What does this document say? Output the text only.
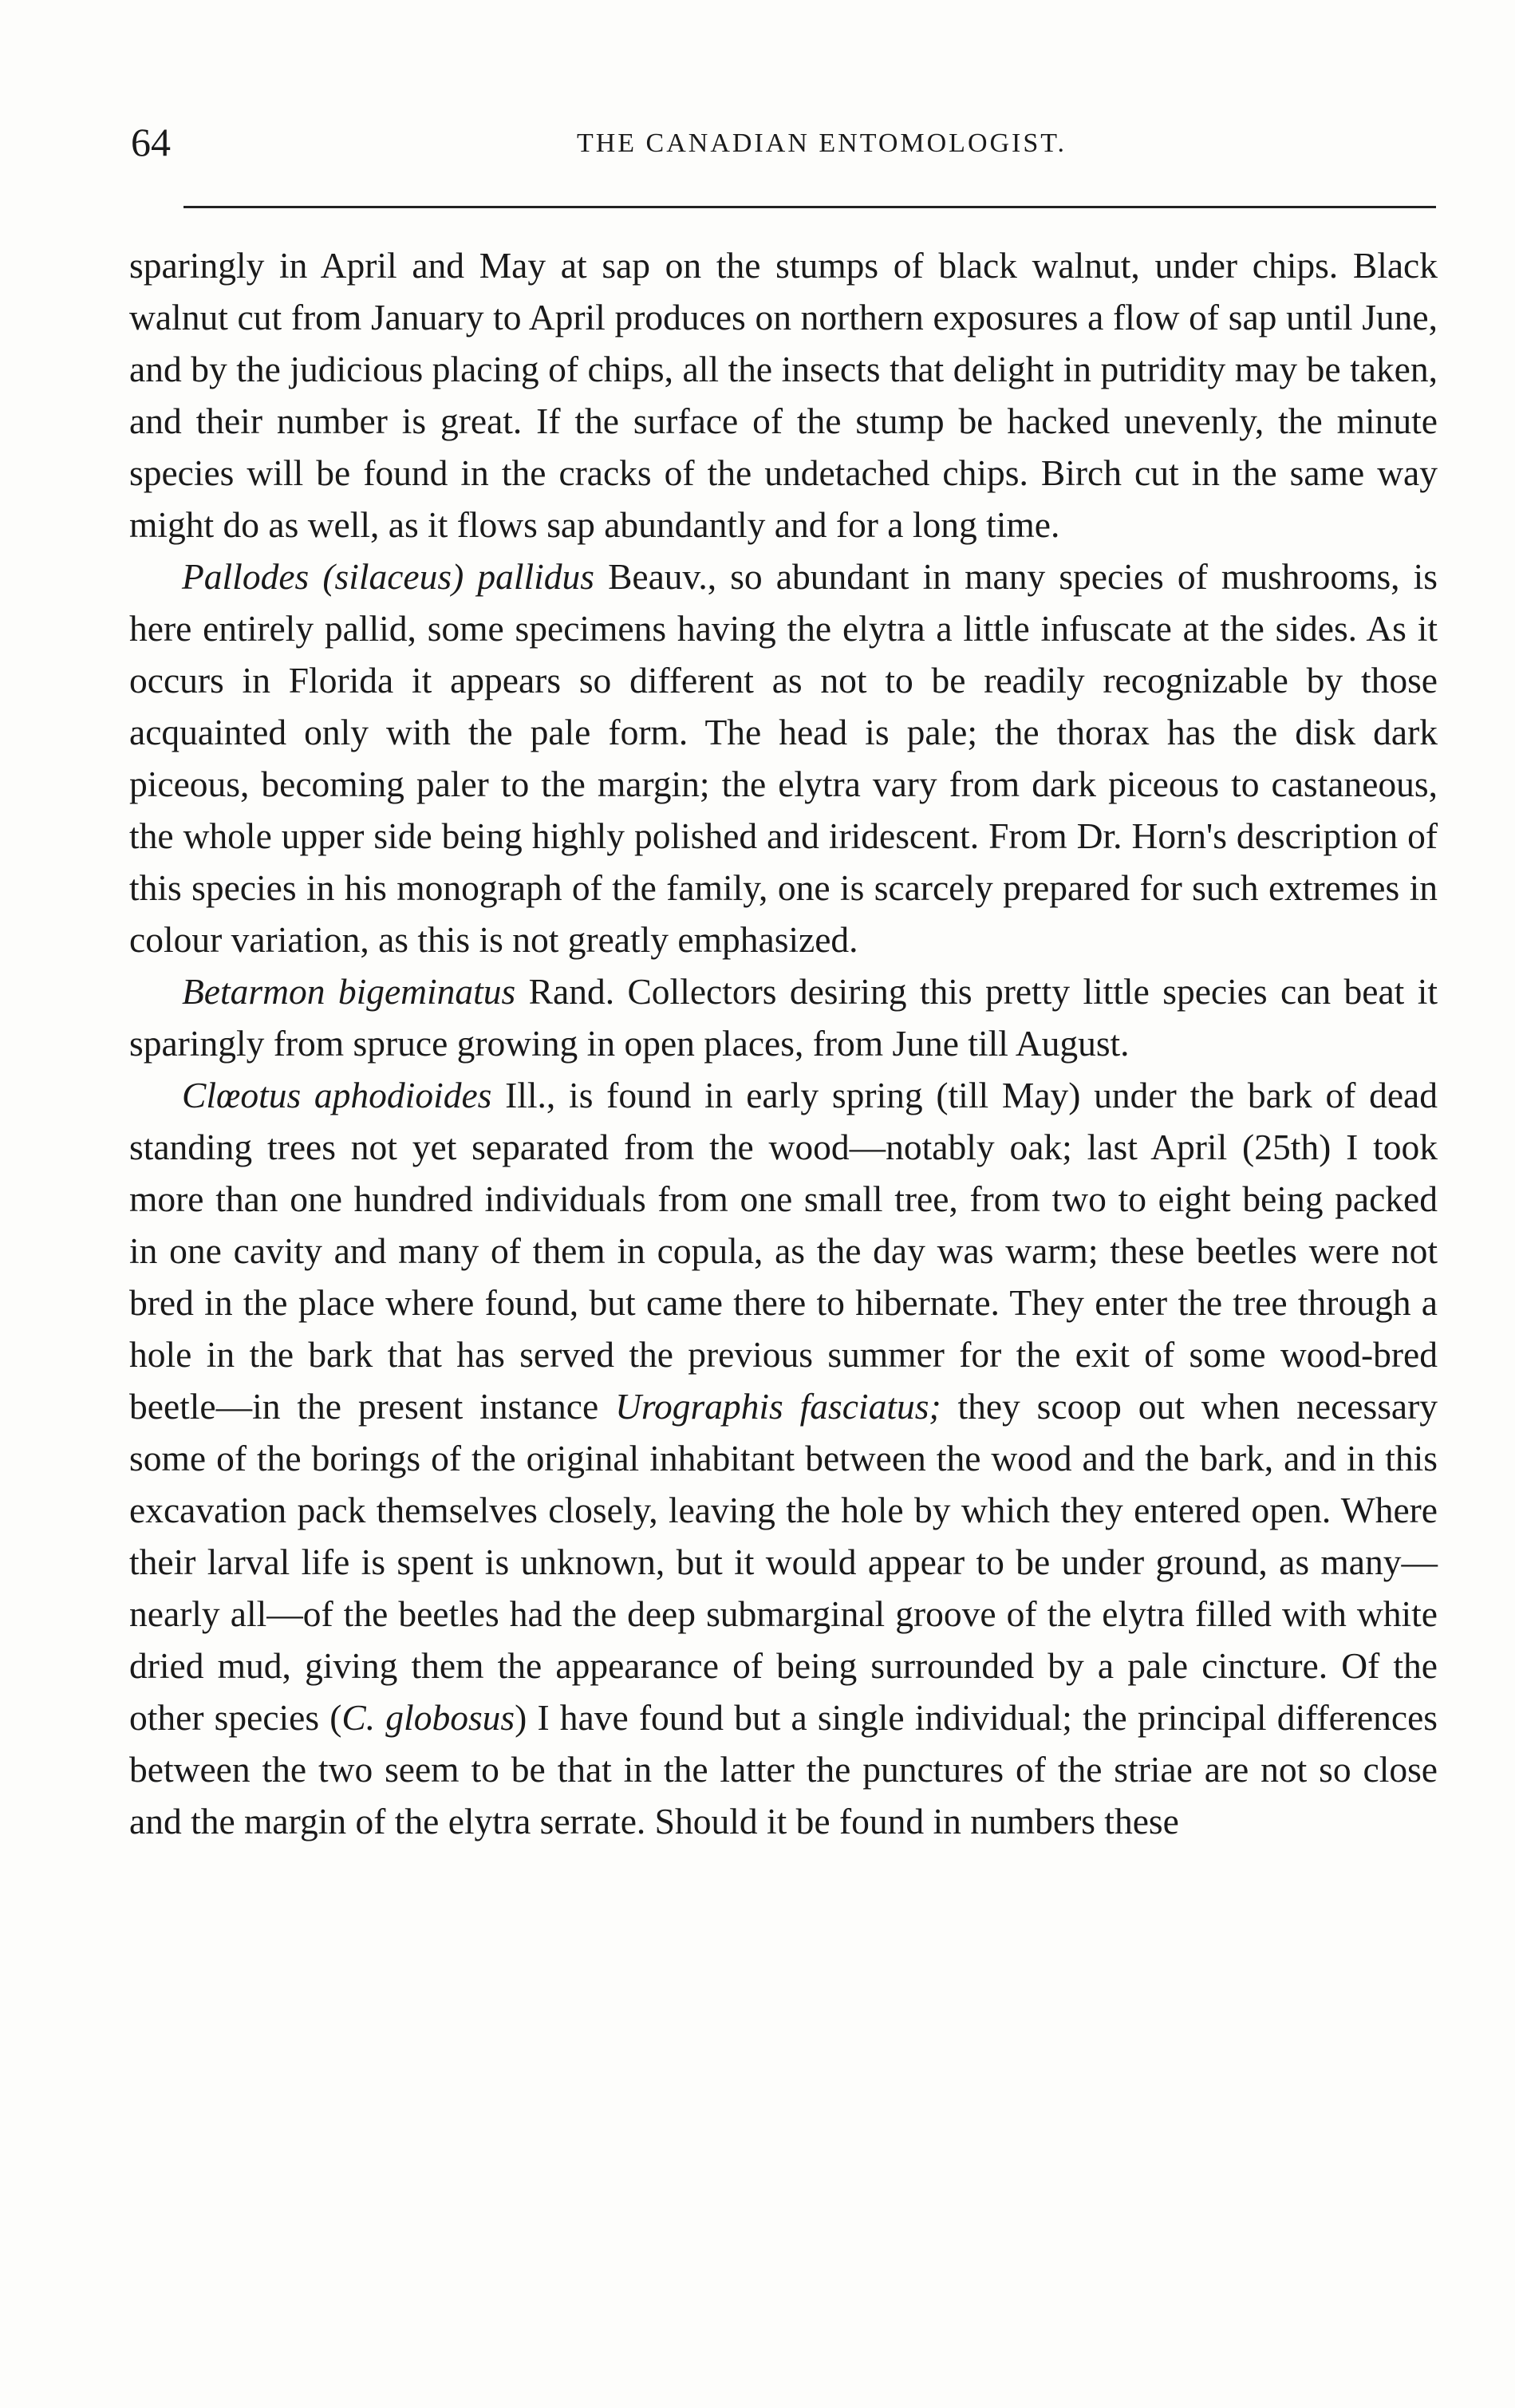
64	THE CANADIAN ENTOMOLOGIST.

sparingly in April and May at sap on the stumps of black walnut, under chips. Black walnut cut from January to April produces on northern exposures a flow of sap until June, and by the judicious placing of chips, all the insects that delight in putridity may be taken, and their number is great. If the surface of the stump be hacked unevenly, the minute species will be found in the cracks of the undetached chips. Birch cut in the same way might do as well, as it flows sap abundantly and for a long time.

Pallodes (silaceus) pallidus Beauv., so abundant in many species of mushrooms, is here entirely pallid, some specimens having the elytra a little infuscate at the sides. As it occurs in Florida it appears so different as not to be readily recognizable by those acquainted only with the pale form. The head is pale; the thorax has the disk dark piceous, becoming paler to the margin; the elytra vary from dark piceous to castaneous, the whole upper side being highly polished and iridescent. From Dr. Horn's description of this species in his monograph of the family, one is scarcely prepared for such extremes in colour variation, as this is not greatly emphasized.

Betarmon bigeminatus Rand. Collectors desiring this pretty little species can beat it sparingly from spruce growing in open places, from June till August.

Clœotus aphodioides Ill., is found in early spring (till May) under the bark of dead standing trees not yet separated from the wood—notably oak; last April (25th) I took more than one hundred individuals from one small tree, from two to eight being packed in one cavity and many of them in copula, as the day was warm; these beetles were not bred in the place where found, but came there to hibernate. They enter the tree through a hole in the bark that has served the previous summer for the exit of some wood-bred beetle—in the present instance Urographis fasciatus; they scoop out when necessary some of the borings of the original inhabitant between the wood and the bark, and in this excavation pack themselves closely, leaving the hole by which they entered open. Where their larval life is spent is unknown, but it would appear to be under ground, as many—nearly all—of the beetles had the deep submarginal groove of the elytra filled with white dried mud, giving them the appearance of being surrounded by a pale cincture. Of the other species (C. globosus) I have found but a single individual; the principal differences between the two seem to be that in the latter the punctures of the striae are not so close and the margin of the elytra serrate. Should it be found in numbers these
